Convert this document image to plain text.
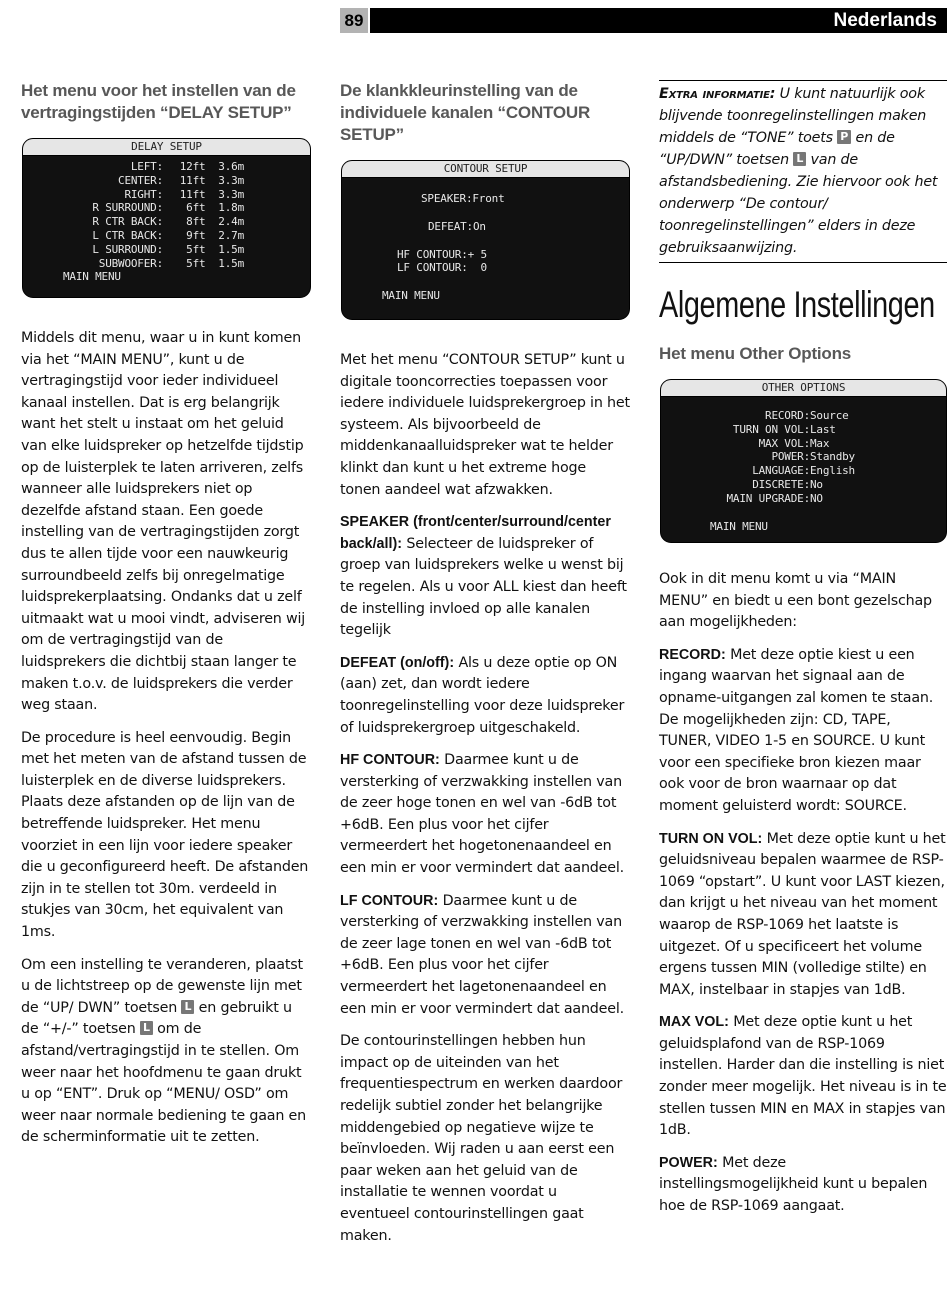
89	Nederlands
Het menu voor het instellen van de vertragingstijden “DELAY SETUP”
DELAY SETUP
LEFT: 12ft 3.6m
CENTER: 11ft 3.3m
RIGHT: 11ft 3.3m
R SURROUND: 6ft 1.8m
R CTR BACK: 8ft 2.4m
L CTR BACK: 9ft 2.7m
L SURROUND: 5ft 1.5m
SUBWOOFER: 5ft 1.5m
MAIN MENU

Middels dit menu, waar u in kunt komen via het “MAIN MENU”, kunt u de vertragingstijd voor ieder individueel kanaal instellen. Dat is erg belangrijk want het stelt u instaat om het geluid van elke luidspreker op hetzelfde tijdstip op de luisterplek te laten arriveren, zelfs wanneer alle luidsprekers niet op dezelfde afstand staan. Een goede instelling van de vertragingstijden zorgt dus te allen tijde voor een nauwkeurig surroundbeeld zelfs bij onregelmatige luidsprekerplaatsing. Ondanks dat u zelf uitmaakt wat u mooi vindt, adviseren wij om de vertragingstijd van de luidsprekers die dichtbij staan langer te maken t.o.v. de luidsprekers die verder weg staan.

De procedure is heel eenvoudig. Begin met het meten van de afstand tussen de luisterplek en de diverse luidsprekers. Plaats deze afstanden op de lijn van de betreffende luidspreker. Het menu voorziet in een lijn voor iedere speaker die u geconfigureerd heeft. De afstanden zijn in te stellen tot 30m. verdeeld in stukjes van 30cm, het equivalent van 1ms.

Om een instelling te veranderen, plaatst u de lichtstreep op de gewenste lijn met de “UP/ DWN” toetsen L en gebruikt u de “+/-” toetsen L om de afstand/vertragingstijd in te stellen. Om weer naar het hoofdmenu te gaan drukt u op “ENT”. Druk op “MENU/ OSD” om weer naar normale bediening te gaan en de scherminformatie uit te zetten.

De klankkleurinstelling van de individuele kanalen “CONTOUR SETUP”
CONTOUR SETUP
SPEAKER:Front
DEFEAT:On
HF CONTOUR:+ 5
LF CONTOUR:  0
MAIN MENU

Met het menu “CONTOUR SETUP” kunt u digitale tooncorrecties toepassen voor iedere individuele luidsprekergroep in het systeem. Als bijvoorbeeld de middenkanaalluidspreker wat te helder klinkt dan kunt u het extreme hoge tonen aandeel wat afzwakken.

SPEAKER (front/center/surround/center back/all): Selecteer de luidspreker of groep van luidsprekers welke u wenst bij te regelen. Als u voor ALL kiest dan heeft de instelling invloed op alle kanalen tegelijk

DEFEAT (on/off): Als u deze optie op ON (aan) zet, dan wordt iedere toonregelinstelling voor deze luidspreker of luidsprekergroep uitgeschakeld.

HF CONTOUR: Daarmee kunt u de versterking of verzwakking instellen van de zeer hoge tonen en wel van -6dB tot +6dB. Een plus voor het cijfer vermeerdert het hogetonenaandeel en een min er voor vermindert dat aandeel.

LF CONTOUR: Daarmee kunt u de versterking of verzwakking instellen van de zeer lage tonen en wel van -6dB tot +6dB. Een plus voor het cijfer vermeerdert het lagetonenaandeel en een min er voor vermindert dat aandeel.

De contourinstellingen hebben hun impact op de uiteinden van het frequentiespectrum en werken daardoor redelijk subtiel zonder het belangrijke middengebied op negatieve wijze te beïnvloeden. Wij raden u aan eerst een paar weken aan het geluid van de installatie te wennen voordat u eventueel contourinstellingen gaat maken.

Extra informatie: U kunt natuurlijk ook blijvende toonregelinstellingen maken middels de “TONE” toets P en de “UP/DWN” toetsen L van de afstandsbediening. Zie hiervoor ook het onderwerp “De contour/ toonregelinstellingen” elders in deze gebruiksaanwijzing.
Algemene Instellingen
Het menu Other Options
OTHER OPTIONS
RECORD:Source
TURN ON VOL:Last
MAX VOL:Max
POWER:Standby
LANGUAGE:English
DISCRETE:No
MAIN UPGRADE:NO
MAIN MENU

Ook in dit menu komt u via “MAIN MENU” en biedt u een bont gezelschap aan mogelijkheden:

RECORD: Met deze optie kiest u een ingang waarvan het signaal aan de opname-uitgangen zal komen te staan. De mogelijkheden zijn: CD, TAPE, TUNER, VIDEO 1-5 en SOURCE. U kunt voor een specifieke bron kiezen maar ook voor de bron waarnaar op dat moment geluisterd wordt: SOURCE.

TURN ON VOL: Met deze optie kunt u het geluidsniveau bepalen waarmee de RSP-1069 “opstart”. U kunt voor LAST kiezen, dan krijgt u het niveau van het moment waarop de RSP-1069 het laatste is uitgezet. Of u specificeert het volume ergens tussen MIN (volledige stilte) en MAX, instelbaar in stapjes van 1dB.

MAX VOL: Met deze optie kunt u het geluidsplafond van de RSP-1069 instellen. Harder dan die instelling is niet zonder meer mogelijk. Het niveau is in te stellen tussen MIN en MAX in stapjes van 1dB.

POWER: Met deze instellingsmogelijkheid kunt u bepalen hoe de RSP-1069 aangaat.
